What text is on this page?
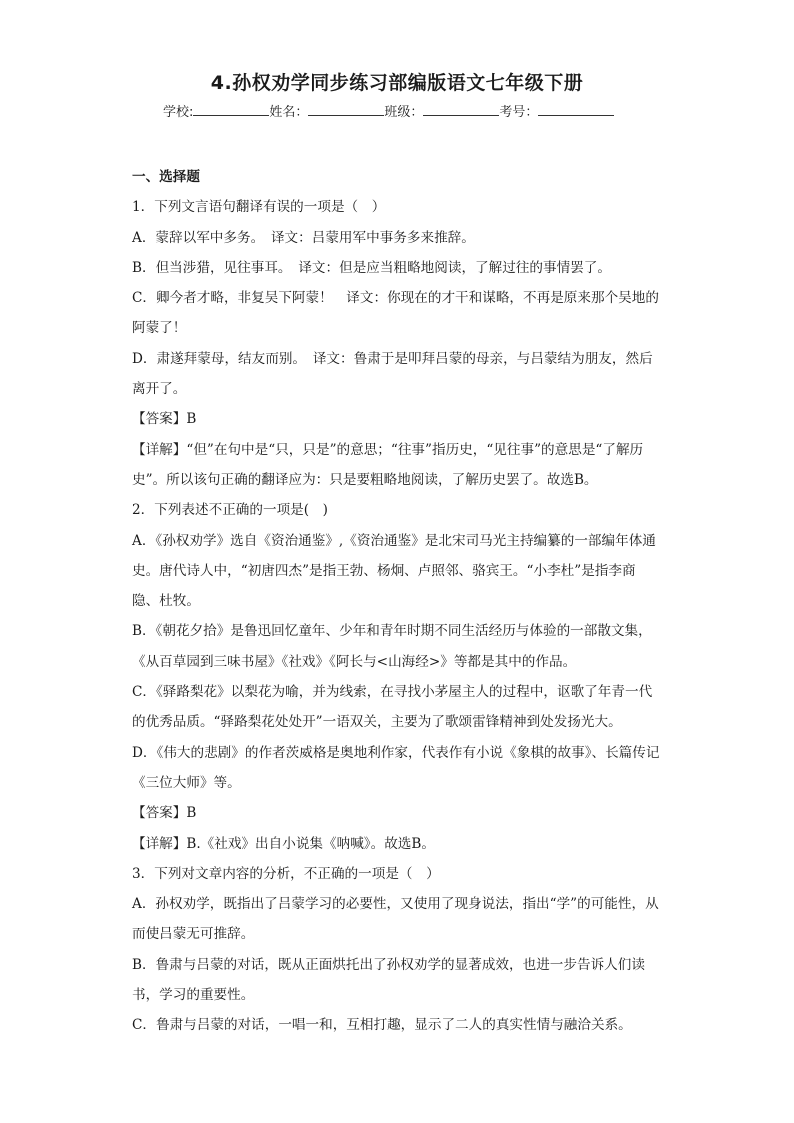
4.孙权劝学同步练习部编版语文七年级下册
学校:	姓名：	班级：	考号：

一、选择题

1．下列文言语句翻译有误的一项是（　）

A．蒙辞以军中多务。　译文：吕蒙用军中事务多来推辞。

B．但当涉猎，见往事耳。　译文：但是应当粗略地阅读，了解过往的事情罢了。

C．卿今者才略，非复吴下阿蒙！　译文：你现在的才干和谋略，不再是原来那个吴地的阿蒙了！

D．肃遂拜蒙母，结友而别。　译文：鲁肃于是叩拜吕蒙的母亲，与吕蒙结为朋友，然后离开了。

【答案】B

【详解】“但”在句中是“只，只是”的意思；“往事”指历史，“见往事”的意思是“了解历史”。所以该句正确的翻译应为：只是要粗略地阅读，了解历史罢了。故选B。

2．下列表述不正确的一项是(　)

A．《孙权劝学》选自《资治通鉴》,《资治通鉴》是北宋司马光主持编纂的一部编年体通史。唐代诗人中，“初唐四杰”是指王勃、杨炯、卢照邻、骆宾王。“小李杜”是指李商隐、杜牧。

B．《朝花夕拾》是鲁迅回忆童年、少年和青年时期不同生活经历与体验的一部散文集，《从百草园到三味书屋》《社戏》《阿长与<山海经>》等都是其中的作品。

C．《驿路梨花》以梨花为喻，并为线索，在寻找小茅屋主人的过程中，讴歌了年青一代的优秀品质。“驿路梨花处处开”一语双关，主要为了歌颂雷锋精神到处发扬光大。

D．《伟大的悲剧》的作者茨威格是奥地利作家，代表作有小说《象棋的故事》、长篇传记《三位大师》等。

【答案】B

【详解】B.《社戏》出自小说集《呐喊》。故选B。

3．下列对文章内容的分析，不正确的一项是（　）

A．孙权劝学，既指出了吕蒙学习的必要性，又使用了现身说法，指出“学”的可能性，从而使吕蒙无可推辞。

B．鲁肃与吕蒙的对话，既从正面烘托出了孙权劝学的显著成效，也进一步告诉人们读书，学习的重要性。

C．鲁肃与吕蒙的对话，一唱一和，互相打趣，显示了二人的真实性情与融洽关系。
